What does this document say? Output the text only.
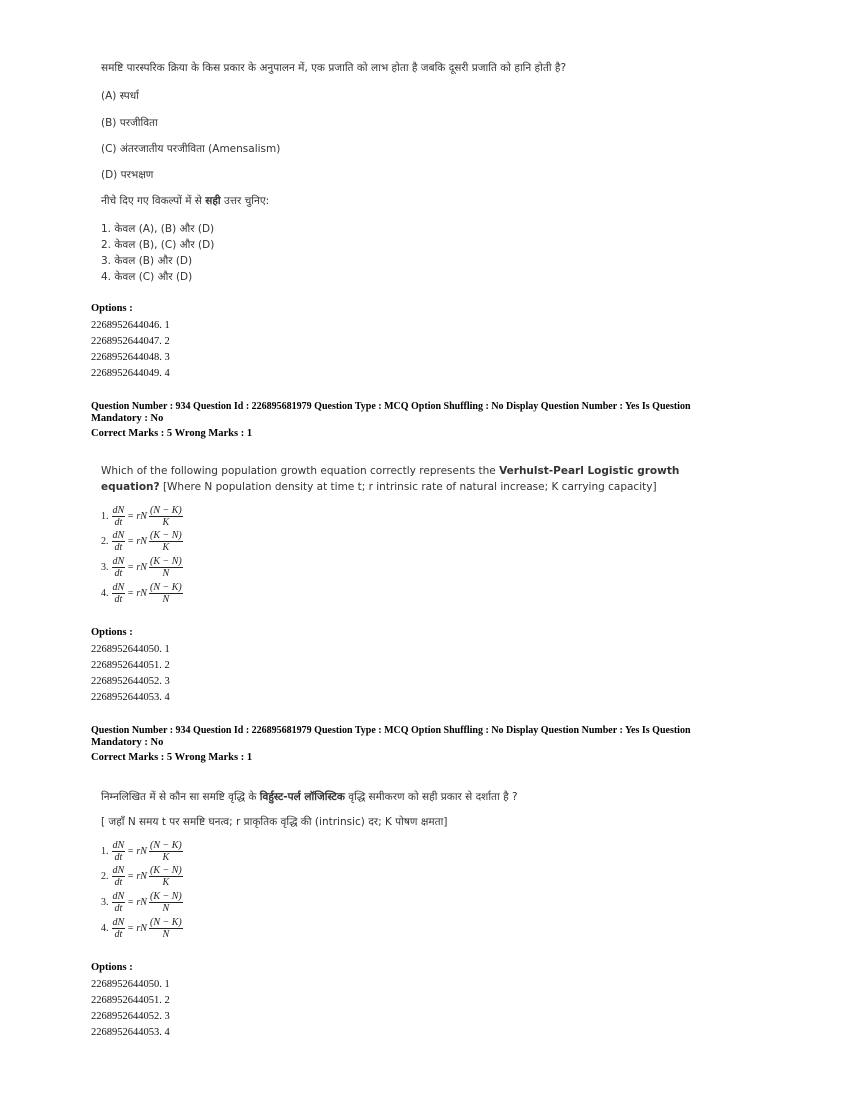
समष्टि पारस्परिक क्रिया के किस प्रकार के अनुपालन में, एक प्रजाति को लाभ होता है जबकि दूसरी प्रजाति को हानि होती है?
(A) स्पर्धा
(B) परजीविता
(C) अंतरजातीय परजीविता (Amensalism)
(D) परभक्षण
नीचे दिए गए विकल्पों में से सही उत्तर चुनिए:
1. केवल (A), (B) और (D)
2. केवल (B), (C) और (D)
3. केवल (B) और (D)
4. केवल (C) और (D)
Options :
2268952644046. 1
2268952644047. 2
2268952644048. 3
2268952644049. 4
Question Number : 934 Question Id : 226895681979 Question Type : MCQ Option Shuffling : No Display Question Number : Yes Is Question
Mandatory : No
Correct Marks : 5 Wrong Marks : 1
Which of the following population growth equation correctly represents the Verhulst-Pearl Logistic growth
equation? [Where N population density at time t; r intrinsic rate of natural increase; K carrying capacity]
1. $\frac{dN}{dt}$ = rN $\frac{(N - K)}{K}$
2. $\frac{dN}{dt}$ = rN $\frac{(K - N)}{K}$
3. $\frac{dN}{dt}$ = rN $\frac{(K - N)}{N}$
4. $\frac{dN}{dt}$ = rN $\frac{(N - K)}{N}$
Options :
2268952644050. 1
2268952644051. 2
2268952644052. 3
2268952644053. 4
Question Number : 934 Question Id : 226895681979 Question Type : MCQ Option Shuffling : No Display Question Number : Yes Is Question
Mandatory : No
Correct Marks : 5 Wrong Marks : 1
निम्नलिखित में से कौन सा समष्टि वृद्धि के विर्हुस्ट-पर्ल लॉजिस्टिक वृद्धि समीकरण को सही प्रकार से दर्शाता है ?
[ जहाँ N समय t पर समष्टि घनत्व; r प्राकृतिक वृद्धि की (intrinsic) दर; K पोषण क्षमता]
1. $\frac{dN}{dt}$ = rN $\frac{(N - K)}{K}$
2. $\frac{dN}{dt}$ = rN $\frac{(K - N)}{K}$
3. $\frac{dN}{dt}$ = rN $\frac{(K - N)}{N}$
4. $\frac{dN}{dt}$ = rN $\frac{(N - K)}{N}$
Options :
2268952644050. 1
2268952644051. 2
2268952644052. 3
2268952644053. 4
